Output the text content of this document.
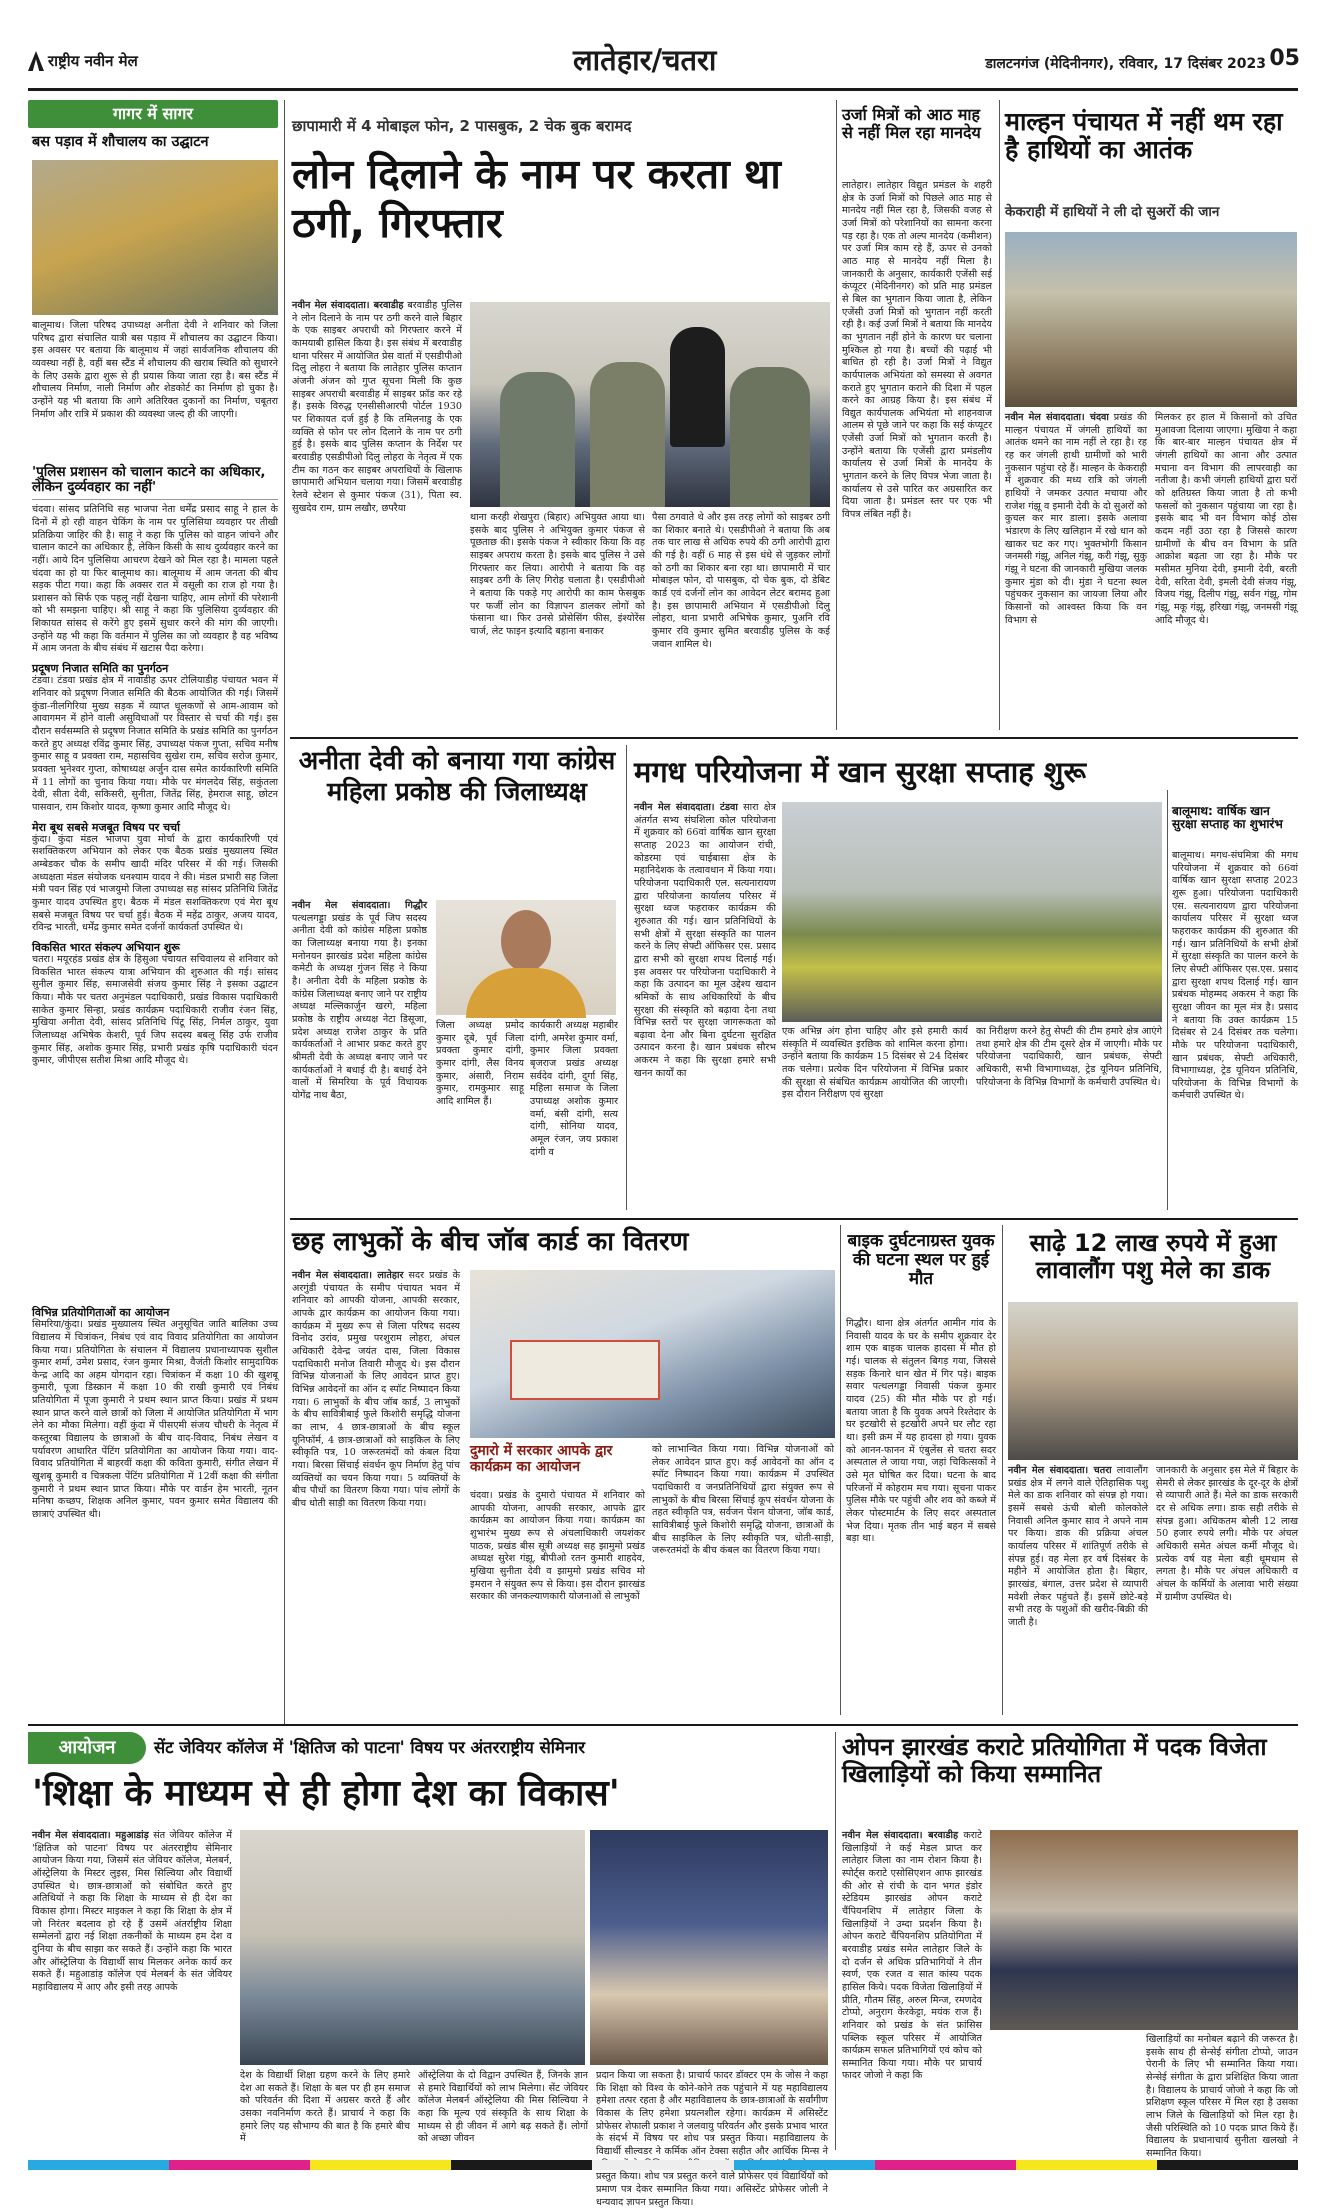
राष्ट्रीय नवीन मेल	लातेहार/चतरा	डालटनगंज (मेदिनीनगर), रविवार, 17 दिसंबर 2023 05
गागर में सागर
बस पड़ाव में शौचालय का उद्घाटन
बालूमाथ। जिला परिषद उपाध्यक्ष अनीता देवी ने शनिवार को जिला परिषद द्वारा संचालित यात्री बस पड़ाव में शौचालय का उद्घाटन किया। इस अवसर पर बताया कि बालूमाथ में जहां सार्वजनिक शौचालय की व्यवस्था नहीं है, वहीं बस स्टैंड में शौचालय की खराब स्थिति को सुधारने के लिए उसके द्वारा शुरू से ही प्रयास किया जाता रहा है। बस स्टैंड में शौचालय निर्माण, नाली निर्माण और शेडकोर्ट का निर्माण हो चुका है। उन्होंने यह भी बताया कि आगे अतिरिक्त दुकानों का निर्माण, चबूतरा निर्माण और रात्रि में प्रकाश की व्यवस्था जल्द ही की जाएगी।
'पुलिस प्रशासन को चालान काटने का अधिकार, लेकिन दुर्व्यवहार का नहीं'
चंदवा। सांसद प्रतिनिधि सह भाजपा नेता धर्मेंद्र प्रसाद साहू ने हाल के दिनों में हो रही वाहन चेकिंग के नाम पर पुलिसिया व्यवहार पर तीखी प्रतिक्रिया जाहिर की है। साहू ने कहा कि पुलिस को वाहन जांचने और चालान काटने का अधिकार है, लेकिन किसी के साथ दुर्व्यवहार करने का नहीं। आये दिन पुलिसिया आचरण देखने को मिल रहा है। मामला पहले चंदवा का हो या फिर बालूमाथ का। बालूमाथ में आम जनता की बीच सड़क पीटा गया। कहा कि अक्सर रात में वसूली का राज हो गया है। प्रशासन को सिर्फ एक पहलू नहीं देखना चाहिए, आम लोगों की परेशानी को भी समझना चाहिए। श्री साहू ने कहा कि पुलिसिया दुर्व्यवहार की शिकायत सांसद से करेंगे हुए इसमें सुधार करने की मांग की जाएगी। उन्होंने यह भी कहा कि वर्तमान में पुलिस का जो व्यवहार है वह भविष्य में आम जनता के बीच संबंध में खटास पैदा करेगा।
प्रदूषण निजात समिति का पुनर्गठन
टंडवा। टंडवा प्रखंड क्षेत्र में नावाडीह ऊपर टोलियाडीह पंचायत भवन में शनिवार को प्रदूषण निजात समिति की बैठक आयोजित की गई। जिसमें कुंडा-नीलगिरिया मुख्य सड़क में व्याप्त धूलकणों से आम-आवाम को आवागमन में होने वाली असुविधाओं पर विस्तार से चर्चा की गई। इस दौरान सर्वसम्मति से प्रदूषण निजात समिति के प्रखंड समिति का पुनर्गठन करते हुए अध्यक्ष रविंद्र कुमार सिंह, उपाध्यक्ष पंकज गुप्ता, सचिव मनीष कुमार साहू व प्रवक्ता राम, महासचिव सुखेश राम, सचिव सरोज कुमार, प्रवक्ता भुनेश्वर गुप्ता, कोषाध्यक्ष अर्जुन दास समेत कार्यकारिणी समिति में 11 लोगों का चुनाव किया गया। मौके पर मंगलदेव सिंह, सकुंतला देवी, सीता देवी, सकिसरी, सुनीता, जितेंद्र सिंह, हेमराज साहू, छोटन पासवान, राम किशोर यादव, कृष्णा कुमार आदि मौजूद थे।
मेरा बूथ सबसे मजबूत विषय पर चर्चा
कुंदा। कुंदा मंडल भाजपा युवा मोर्चा के द्वारा कार्यकारिणी एवं सशक्तिकरण अभियान को लेकर एक बैठक प्रखंड मुख्यालय स्थित अम्बेडकर चौक के समीप खादी मंदिर परिसर में की गई। जिसकी अध्यक्षता मंडल संयोजक धनश्याम यादव ने की। मंडल प्रभारी सह जिला मंत्री पवन सिंह एवं भाजयुमो जिला उपाध्यक्ष सह सांसद प्रतिनिधि जितेंद्र कुमार यादव उपस्थित हुए। बैठक में मंडल सशक्तिकरण एवं मेरा बूथ सबसे मजबूत विषय पर चर्चा हुई। बैठक में महेंद्र ठाकुर, अजय यादव, रविन्द्र भारती, धर्मेंद्र कुमार समेत दर्जनों कार्यकर्ता उपस्थित थे।
विकसित भारत संकल्प अभियान शुरू
चतरा। मयूरहंड प्रखंड क्षेत्र के हिसुआ पंचायत सचिवालय से शनिवार को विकसित भारत संकल्प यात्रा अभियान की शुरुआत की गई। सांसद सुनील कुमार सिंह, समाजसेवी संजय कुमार सिंह ने इसका उद्घाटन किया। मौके पर चतरा अनुमंडल पदाधिकारी, प्रखंड विकास पदाधिकारी साकेत कुमार सिन्हा, प्रखंड कार्यक्रम पदाधिकारी राजीव रंजन सिंह, मुखिया अनीता देवी, सांसद प्रतिनिधि पिंटू सिंह, निर्मल ठाकुर, युवा जिलाध्यक्ष अभिषेक केशरी, पूर्व जिप सदस्य बबलू सिंह उर्फ राजीव कुमार सिंह, अशोक कुमार सिंह, प्रभारी प्रखंड कृषि पदाधिकारी चंदन कुमार, जीपीएस सतीश मिश्रा आदि मौजूद थे।
विभिन्न प्रतियोगिताओं का आयोजन
सिमरिया/कुंदा। प्रखंड मुख्यालय स्थित अनुसूचित जाति बालिका उच्च विद्यालय में चित्रांकन, निबंध एवं वाद विवाद प्रतियोगिता का आयोजन किया गया। प्रतियोगिता के संचालन में विद्यालय प्रधानाध्यापक सुशील कुमार शर्मा, उमेश प्रसाद, रंजन कुमार मिश्रा, वैजंती किशोर सामुदायिक केन्द्र आदि का अहम योगदान रहा। चित्रांकन में कक्षा 10 की खुशबू कुमारी, पूजा डिस्क्रान में कक्षा 10 की राखी कुमारी एवं निबंध प्रतियोगिता में पूजा कुमारी ने प्रथम स्थान प्राप्त किया। प्रखंड में प्रथम स्थान प्राप्त करने वाले छात्रों को जिला में आयोजित प्रतियोगिता में भाग लेने का मौका मिलेगा। वहीं कुंदा में पीसएमी संजय चौधरी के नेतृत्व में कस्तूरबा विद्यालय के छात्राओं के बीच वाद-विवाद, निबंध लेखन व पर्यावरण आधारित पेंटिंग प्रतियोगिता का आयोजन किया गया। वाद-विवाद प्रतियोगिता में बाहरवीं कक्षा की कविता कुमारी, संगीत लेखन में खुशबू कुमारी व चित्रकला पेंटिंग प्रतियोगिता में 12वीं कक्षा की संगीता कुमारी ने प्रथम स्थान प्राप्त किया। मौके पर वार्डन हेम भारती, नूतन मनिषा कच्छप, शिक्षक अनिल कुमार, पवन कुमार समेत विद्यालय की छात्राएं उपस्थित थी।
छापामारी में 4 मोबाइल फोन, 2 पासबुक, 2 चेक बुक बरामद
लोन दिलाने के नाम पर करता था ठगी, गिरफ्तार
नवीन मेल संवाददाता। बरवाडीह बरवाडीह पुलिस ने लोन दिलाने के नाम पर ठगी करने वाले बिहार के एक साइबर अपराधी को गिरफ्तार करने में कामयाबी हासिल किया है। इस संबंध में बरवाडीह थाना परिसर में आयोजित प्रेस वार्ता में एसडीपीओ दिलु लोहरा ने बताया कि लातेहार पुलिस कप्तान अंजनी अंजन को गुप्त सूचना मिली कि कुछ साइबर अपराधी बरवाडीह में साइबर फ्रॉड कर रहे हैं। इसके विरुद्ध एनसीसीआरपी पोर्टल 1930 पर शिकायत दर्ज हुई है कि तमिलनाडु के एक व्यक्ति से फोन पर लोन दिलाने के नाम पर ठगी हुई है। इसके बाद पुलिस कप्तान के निर्देश पर बरवाडीह एसडीपीओ दिलु लोहरा के नेतृत्व में एक टीम का गठन कर साइबर अपराधियों के खिलाफ छापामारी अभियान चलाया गया। जिसमें बरवाडीह रेलवे स्टेशन से कुमार पंकज (31), पिता स्व. सुखदेव राम, ग्राम लखौर, छपरैया
थाना करही शेखपुरा (बिहार) अभियुक्त आया था। इसके बाद पुलिस ने अभियुक्त कुमार पंकज से पूछताछ की। इसके पंकज ने स्वीकार किया कि वह साइबर अपराध करता है। इसके बाद पुलिस ने उसे गिरफ्तार कर लिया। आरोपी ने बताया कि वह साइबर ठगी के लिए गिरोह चलाता है। एसडीपीओ ने बताया कि पकड़े गए आरोपी का काम फेसबुक पर फर्जी लोन का विज्ञापन डालकर लोगों को फंसाना था। फिर उनसे प्रोसेसिंग फीस, इंश्योरेंस चार्ज, लेट फाइन इत्यादि बहाना बनाकर
पैसा ठगवाते थे और इस तरह लोगों को साइबर ठगी का शिकार बनाते थे। एसडीपीओ ने बताया कि अब तक चार लाख से अधिक रुपये की ठगी आरोपी द्वारा की गई है। वहीं 6 माह से इस धंधे से जुड़कर लोगों को ठगी का शिकार बना रहा था। छापामारी में चार मोबाइल फोन, दो पासबुक, दो चेक बुक, दो डेबिट कार्ड एवं दर्जनों लोन का आवेदन लेटर बरामद हुआ है। इस छापामारी अभियान में एसडीपीओ दिलु लोहरा, थाना प्रभारी अभिषेक कुमार, पुअनि रवि कुमार रवि कुमार सुमित बरवाडीह पुलिस के कई जवान शामिल थे।
उर्जा मित्रों को आठ माह से नहीं मिल रहा मानदेय
लातेहार। लातेहार विद्युत प्रमंडल के शहरी क्षेत्र के उर्जा मित्रों को पिछले आठ माह से मानदेय नहीं मिल रहा है, जिसकी वजह से उर्जा मित्रों को परेशानियों का सामना करना पड़ रहा है। एक तो अल्प मानदेय (कमीशन) पर उर्जा मित्र काम रहे हैं, ऊपर से उनको आठ माह से मानदेय नहीं मिला है। जानकारी के अनुसार, कार्यकारी एजेंसी सई कंप्यूटर (मेदिनीनगर) को प्रति माह प्रमंडल से बिल का भुगतान किया जाता है, लेकिन एजेंसी उर्जा मित्रों को भुगतान नहीं करती रही है। कई उर्जा मित्रों ने बताया कि मानदेय का भुगतान नहीं होने के कारण घर चलाना मुश्किल हो गया है। बच्चों की पढ़ाई भी बाधित हो रही है। उर्जा मित्रों ने विद्युत कार्यपालक अभियंता को समस्या से अवगत कराते हुए भुगतान कराने की दिशा में पहल करने का आग्रह किया है। इस संबंध में विद्युत कार्यपालक अभियंता मो शाहनवाज आलम से पूछे जाने पर कहा कि सई कंप्यूटर एजेंसी उर्जा मित्रों को भुगतान करती है। उन्होंने बताया कि एजेंसी द्वारा प्रमंडलीय कार्यालय से उर्जा मित्रों के मानदेय के भुगतान करने के लिए विपत्र भेजा जाता है। कार्यालय से उसे पारित कर अग्रसारित कर दिया जाता है। प्रमंडल स्तर पर एक भी विपत्र लंबित नहीं है।
माल्हन पंचायत में नहीं थम रहा है हाथियों का आतंक
केकराही में हाथियों ने ली दो सुअरों की जान
नवीन मेल संवाददाता। चंदवा प्रखंड की माल्हन पंचायत में जंगली हाथियों का आतंक थमने का नाम नहीं ले रहा है। रह रह कर जंगली हाथी ग्रामीणों को भारी नुकसान पहुंचा रहे हैं। माल्हन के केकराही में शुक्रवार की मध्य रात्रि को जंगली हाथियों ने जमकर उत्पात मचाया और राजेश गंझू व इमानी देवी के दो सुअरों को कुचल कर मार डाला। इसके अलावा भंडारण के लिए खलिहान में रखे धान को खाकर चट कर गए। भुक्तभोगी किसान जनमसी गंझू, अनिल गंझू, करी गंझू, सुकु गंझू ने घटना की जानकारी मुखिया जलक कुमार मुंडा को दी। मुंडा ने घटना स्थल पहुंचकर नुकसान का जायजा लिया और किसानों को आश्वस्त किया कि वन विभाग से
मिलकर हर हाल में किसानों को उचित मुआवजा दिलाया जाएगा। मुखिया ने कहा कि बार-बार माल्हन पंचायत क्षेत्र में जंगली हाथियों का आना और उत्पात मचाना वन विभाग की लापरवाही का नतीजा है। कभी जंगली हाथियों द्वारा घरों को क्षतिग्रस्त किया जाता है तो कभी फसलों को नुकसान पहुंचाया जा रहा है। इसके बाद भी वन विभाग कोई ठोस कदम नहीं उठा रहा है जिससे कारण ग्रामीणों के बीच वन विभाग के प्रति आक्रोश बढ़ता जा रहा है। मौके पर मसीमत मुनिया देवी, इमानी देवी, बरती देवी, सरिता देवी, इमली देवी संजय गंझू, विजय गंझू, दिलीप गंझू, सर्वन गंझू, गोम गंझू, मकू गंझू, हरिखा गंझू, जनमसी गंझू आदि मौजूद थे।
अनीता देवी को बनाया गया कांग्रेस महिला प्रकोष्ठ की जिलाध्यक्ष
नवीन मेल संवाददाता। गिद्धौर पत्थलगड्डा प्रखंड के पूर्व जिप सदस्य अनीता देवी को कांग्रेस महिला प्रकोष्ठ का जिलाध्यक्ष बनाया गया है। इनका मनोनयन झारखंड प्रदेश महिला कांग्रेस कमेटी के अध्यक्ष गुंजन सिंह ने किया है। अनीता देवी के महिला प्रकोष्ठ के कांग्रेस जिलाध्यक्ष बनाए जाने पर राष्ट्रीय अध्यक्ष मल्लिकार्जुन खरगे, महिला प्रकोष्ठ के राष्ट्रीय अध्यक्ष नेटा डिसूजा, प्रदेश अध्यक्ष राजेश ठाकुर के प्रति कार्यकर्ताओं ने आभार प्रकट करते हुए श्रीमती देवी के अध्यक्ष बनाए जाने पर कार्यकर्ताओं ने बधाई दी है। बधाई देने वालों में सिमरिया के पूर्व विधायक योगेंद्र नाथ बैठा,
जिला अध्यक्ष प्रमोद कुमार दूबे, पूर्व जिला प्रवक्ता कुमार दांगी, कुमार दांगी, लैस विनय कुमार, अंसारी, निराम कुमार, रामकुमार साहू आदि शामिल हैं।
कार्यकारी अध्यक्ष महाबीर दांगी, अमरेश कुमार वर्मा, कुमार जिला प्रवक्ता बृजराज प्रखंड अध्यक्ष सर्वदेव दांगी, दुर्गा सिंह, महिला समाज के जिला उपाध्यक्ष अशोक कुमार वर्मा, बंसी दांगी, सत्य दांगी, सोनिया यादव, अमूल रंजन, जय प्रकाश दांगी व
मगध परियोजना में खान सुरक्षा सप्ताह शुरू
नवीन मेल संवाददाता। टंडवा सारा क्षेत्र अंतर्गत सभ्य संघशिला कोल परियोजना में शुक्रवार को 66वां वार्षिक खान सुरक्षा सप्ताह 2023 का आयोजन रांची, कोडरमा एवं चाईबासा क्षेत्र के महानिदेशक के तत्वावधान में किया गया। परियोजना पदाधिकारी एल. सत्यनारायण द्वारा परियोजना कार्यालय परिसर में सुरक्षा ध्वज फहराकर कार्यक्रम की शुरुआत की गई। खान प्रतिनिधियों के सभी क्षेत्रों में सुरक्षा संस्कृति का पालन करने के लिए सेफ्टी ऑफिसर एस. प्रसाद द्वारा सभी को सुरक्षा शपथ दिलाई गई। इस अवसर पर परियोजना पदाधिकारी ने कहा कि उत्पादन का मूल उद्देश्य खदान श्रमिकों के साथ अधिकारियों के बीच सुरक्षा की संस्कृति को बढ़ावा देना तथा विभिन्न स्तरों पर सुरक्षा जागरूकता को बढ़ावा देना और बिना दुर्घटना सुरक्षित उत्पादन करना है। खान प्रबंधक सौरभ अकरम ने कहा कि सुरक्षा हमारे सभी खनन कार्यों का
एक अभिन्न अंग होना चाहिए और इसे हमारी कार्य संस्कृति में व्यवस्थित इरछिक को शामिल करना होगा। उन्होंने बताया कि कार्यक्रम 15 दिसंबर से 24 दिसंबर तक चलेगा। प्रत्येक दिन परियोजना में विभिन्न प्रकार की सुरक्षा से संबंधित कार्यक्रम आयोजित की जाएगी। इस दौरान निरीक्षण एवं सुरक्षा
का निरीक्षण करने हेतु सेफ्टी की टीम हमारे क्षेत्र आएंगे तथा हमारे क्षेत्र की टीम दूसरे क्षेत्र में जाएगी। मौके पर परियोजना पदाधिकारी, खान प्रबंधक, सेफ्टी अधिकारी, सभी विभागाध्यक्ष, ट्रेड यूनियन प्रतिनिधि, परियोजना के विभिन्न विभागों के कर्मचारी उपस्थित थे।
बालूमाथ: वार्षिक खान सुरक्षा सप्ताह का शुभारंभ
बालूमाथ। मगध-संघमित्रा की मगध परियोजना में शुक्रवार को 66वां वार्षिक खान सुरक्षा सप्ताह 2023 शुरू हुआ। परियोजना पदाधिकारी एस. सत्यनारायण द्वारा परियोजना कार्यालय परिसर में सुरक्षा ध्वज फहराकर कार्यक्रम की शुरुआत की गई। खान प्रतिनिधियों के सभी क्षेत्रों में सुरक्षा संस्कृति का पालन करने के लिए सेफ्टी ऑफिसर एस.एस. प्रसाद द्वारा सुरक्षा शपथ दिलाई गई। खान प्रबंधक मोहम्मद अकरम ने कहा कि सुरक्षा जीवन का मूल मंत्र है। प्रसाद ने बताया कि उक्त कार्यक्रम 15 दिसंबर से 24 दिसंबर तक चलेगा। मौके पर परियोजना पदाधिकारी, खान प्रबंधक, सेफ्टी अधिकारी, विभागाध्यक्ष, ट्रेड यूनियन प्रतिनिधि, परियोजना के विभिन्न विभागों के कर्मचारी उपस्थित थे।
छह लाभुकों के बीच जॉब कार्ड का वितरण
नवीन मेल संवाददाता। लातेहार सदर प्रखंड के अरगुंडी पंचायत के समीप पंचायत भवन में शनिवार को आपकी योजना, आपकी सरकार, आपके द्वार कार्यक्रम का आयोजन किया गया। कार्यक्रम में मुख्य रूप से जिला परिषद सदस्य विनोद उरांव, प्रमुख परशुराम लोहरा, अंचल अधिकारी देवेन्द्र जयंत दास, जिला विकास पदाधिकारी मनोज तिवारी मौजूद थे। इस दौरान विभिन्न योजनाओं के लिए आवेदन प्राप्त हुए। विभिन्न आवेदनों का ऑन द स्पॉट निष्पादन किया गया। 6 लाभुकों के बीच जॉब कार्ड, 3 लाभुकों के बीच सावित्रीबाई फुले किशोरी समृद्धि योजना का लाभ, 4 छात्र-छात्राओं के बीच स्कूल यूनिफॉर्म, 4 छात्र-छात्राओं को साइकिल के लिए स्वीकृति पत्र, 10 जरूरतमंदों को कंबल दिया गया। बिरसा सिंचाई संवर्धन कूप निर्माण हेतु पांच व्यक्तियों का चयन किया गया। 5 व्यक्तियों के बीच पौधों का वितरण किया गया। पांच लोगों के बीच धोती साड़ी का वितरण किया गया।
दुमारो में सरकार आपके द्वार कार्यक्रम का आयोजन
चंदवा। प्रखंड के दुमारो पंचायत में शनिवार को आपकी योजना, आपकी सरकार, आपके द्वार कार्यक्रम का आयोजन किया गया। कार्यक्रम का शुभारंभ मुख्य रूप से अंचलाधिकारी जयशंकर पाठक, प्रखंड बीस सूत्री अध्यक्ष सह झामुमो प्रखंड अध्यक्ष सुरेश गंझू, बीपीओ रतन कुमारी शाहदेव, मुखिया सुनीता देवी व झामुमो प्रखंड सचिव मो इमरान ने संयुक्त रूप से किया। इस दौरान झारखंड सरकार की जनकल्याणकारी योजनाओं से लाभुकों
को लाभान्वित किया गया। विभिन्न योजनाओं को लेकर आवेदन प्राप्त हुए। कई आवेदनों का ऑन द स्पॉट निष्पादन किया गया। कार्यक्रम में उपस्थित पदाधिकारी व जनप्रतिनिधियों द्वारा संयुक्त रूप से लाभुकों के बीच बिरसा सिंचाई कूप संवर्धन योजना के तहत स्वीकृति पत्र, सर्वजन पेंशन योजना, जॉब कार्ड, सावित्रीबाई फुले किशोरी समृद्धि योजना, छात्राओं के बीच साइकिल के लिए स्वीकृति पत्र, धोती-साड़ी, जरूरतमंदों के बीच कंबल का वितरण किया गया।
बाइक दुर्घटनाग्रस्त युवक की घटना स्थल पर हुई मौत
गिद्धौर। थाना क्षेत्र अंतर्गत आमीन गांव के निवासी यादव के घर के समीप शुक्रवार देर शाम एक बाइक चालक हादसा में मौत हो गई। चालक से संतुलन बिगड़ गया, जिससे सड़क किनारे धान खेत में गिर पड़े। बाइक सवार पत्थलगड्डा निवासी पंकज कुमार यादव (25) की मौत मौके पर हो गई। बताया जाता है कि युवक अपने रिश्तेदार के घर इटखोरी से इटखोरी अपने घर लौट रहा था। इसी क्रम में यह हादसा हो गया। युवक को आनन-फानन में एंबुलेंस से चतरा सदर अस्पताल ले जाया गया, जहां चिकित्सकों ने उसे मृत घोषित कर दिया। घटना के बाद परिजनों में कोहराम मच गया। सूचना पाकर पुलिस मौके पर पहुंची और शव को कब्जे में लेकर पोस्टमार्टम के लिए सदर अस्पताल भेज दिया। मृतक तीन भाई बहन में सबसे बड़ा था।
साढ़े 12 लाख रुपये में हुआ लावालौंग पशु मेले का डाक
नवीन मेल संवाददाता। चतरा लावालौंग प्रखंड क्षेत्र में लगने वाले ऐतिहासिक पशु मेले का डाक शनिवार को संपन्न हो गया। इसमें सबसे ऊंची बोली कोलकोले निवासी अनिल कुमार साव ने अपने नाम पर किया। डाक की प्रक्रिया अंचल कार्यालय परिसर में शांतिपूर्ण तरीके से संपन्न हुई। वह मेला हर वर्ष दिसंबर के महीने में आयोजित होता है। बिहार, झारखंड, बंगाल, उत्तर प्रदेश से व्यापारी मवेशी लेकर पहुंचते हैं। इसमें छोटे-बड़े सभी तरह के पशुओं की खरीद-बिक्री की जाती है।
जानकारी के अनुसार इस मेले में बिहार के सेमरी से लेकर झारखंड के दूर-दूर के क्षेत्रों से व्यापारी आते हैं। मेले का डाक सरकारी दर से अधिक लगा। डाक सही तरीके से संपन्न हुआ। अधिकतम बोली 12 लाख 50 हजार रुपये लगी। मौके पर अंचल अधिकारी समेत अंचल कर्मी मौजूद थे। प्रत्येक वर्ष यह मेला बड़ी धूमधाम से लगता है। मौके पर अंचल अधिकारी व अंचल के कर्मियों के अलावा भारी संख्या में ग्रामीण उपस्थित थे।
आयोजन	सेंट जेवियर कॉलेज में 'क्षितिज को पाटना' विषय पर अंतरराष्ट्रीय सेमिनार
'शिक्षा के माध्यम से ही होगा देश का विकास'
नवीन मेल संवाददाता। महुआडांड़ संत जेवियर कॉलेज में 'क्षितिज को पाटना' विषय पर अंतरराष्ट्रीय सेमिनार आयोजन किया गया, जिसमें संत जेवियर कॉलेज, मेलबर्न, ऑस्ट्रेलिया के मिस्टर लुइस, मिस सिल्विया और विद्यार्थी उपस्थित थे। छात्र-छात्राओं को संबोधित करते हुए अतिथियों ने कहा कि शिक्षा के माध्यम से ही देश का विकास होगा। मिस्टर माइकल ने कहा कि शिक्षा के क्षेत्र में जो निरंतर बदलाव हो रहे हैं उसमें अंतर्राष्ट्रीय शिक्षा सम्मेलनों द्वारा नई शिक्षा तकनीकों के माध्यम हम देश व दुनिया के बीच साझा कर सकते हैं। उन्होंने कहा कि भारत और ऑस्ट्रेलिया के विद्यार्थी साथ मिलकर अनेक कार्य कर सकते हैं। महुआडांड़ कॉलेज एवं मेलबर्न के संत जेवियर महाविद्यालय में आए और इसी तरह आपके
देश के विद्यार्थी शिक्षा ग्रहण करने के लिए हमारे देश आ सकते हैं। शिक्षा के बल पर ही हम समाज को परिवर्तन की दिशा में अग्रसर करते हैं और उसका नवनिर्माण करते हैं। प्राचार्य ने कहा कि हमारे लिए यह सौभाग्य की बात है कि हमारे बीच में
ऑस्ट्रेलिया के दो विद्वान उपस्थित हैं, जिनके ज्ञान से हमारे विद्यार्थियों को लाभ मिलेगा। सेंट जेवियर कॉलेज मेलबर्न ऑस्ट्रेलिया की मिस सिल्विया ने कहा कि मूल्य एवं संस्कृति के साथ शिक्षा के माध्यम से ही जीवन में आगे बढ़ सकते हैं। लोगों को अच्छा जीवन
प्रदान किया जा सकता है। प्राचार्य फादर डॉक्टर एम के जोस ने कहा कि शिक्षा को विश्व के कोने-कोने तक पहुंचाने में यह महाविद्यालय हमेशा तत्पर रहता है और महाविद्यालय के छात्र-छात्राओं के सर्वांगीण विकास के लिए हमेशा प्रयत्नशील रहेगा। कार्यक्रम में असिस्टेंट प्रोफेसर शेफाली प्रकाश ने जलवायु परिवर्तन और इसके प्रभाव भारत के संदर्भ में विषय पर शोध पत्र प्रस्तुत किया। महाविद्यालय के विद्यार्थी सील्वडर ने कर्मिक ऑन टेक्सा सहीत और आर्थिक मिन्स ने प्रस्तुत किया। शोध पत्र प्रस्तुत करने वाले प्रोफेसर एवं विद्यार्थियों को प्रमाण पत्र देकर सम्मानित किया गया। असिस्टेंट प्रोफेसर जोली ने धन्यवाद ज्ञापन प्रस्तुत किया।
ओपन झारखंड कराटे प्रतियोगिता में पदक विजेता खिलाड़ियों को किया सम्मानित
नवीन मेल संवाददाता। बरवाडीह कराटे खिलाड़ियों ने कई मेडल प्राप्त कर लातेहार जिला का नाम रोशन किया है। स्पोर्ट्स कराटे एसोसिएशन आफ झारखंड की ओर से रांची के दान भगत इंडोर स्टेडियम झारखंड ओपन कराटे चैंपियनशिप में लातेहार जिला के खिलाड़ियों ने उम्दा प्रदर्शन किया है। ओपन कराटे चैंपियनशिप प्रतियोगिता में बरवाडीह प्रखंड समेत लातेहार जिले के दो दर्जन से अधिक प्रतिभागियों ने तीन स्वर्ण, एक रजत व सात कांस्य पदक हासिल किये। पदक विजेता खिलाड़ियों में प्रीति, गौतम सिंह, अरुल मिन्ज, रमणदेव टोप्पो, अनुराग केरकेट्टा, मयंक राज हैं। शनिवार को प्रखंड के संत फ्रांसिस पब्लिक स्कूल परिसर में आयोजित कार्यक्रम सफल प्रतिभागियों एवं कोच को सम्मानित किया गया। मौके पर प्राचार्य फादर जोजो ने कहा कि
खिलाड़ियों का मनोबल बढ़ाने की जरूरत है। इसके साथ ही सेन्सेई संगीता टोप्पो, जाउन पेरानी के लिए भी सम्मानित किया गया। सेन्सेई संगीता के द्वारा प्रशिक्षित किया जाता है। विद्यालय के प्राचार्य जोजो ने कहा कि जो प्रशिक्षण स्कूल परिसर में मिल रहा है उसका लाभ जिले के खिलाड़ियों को मिल रहा है। जैसी परिस्थिति को 10 पदक प्राप्त किये हैं। विद्यालय के प्रधानाचार्य सुनीता खलखो ने सम्मानित किया।
